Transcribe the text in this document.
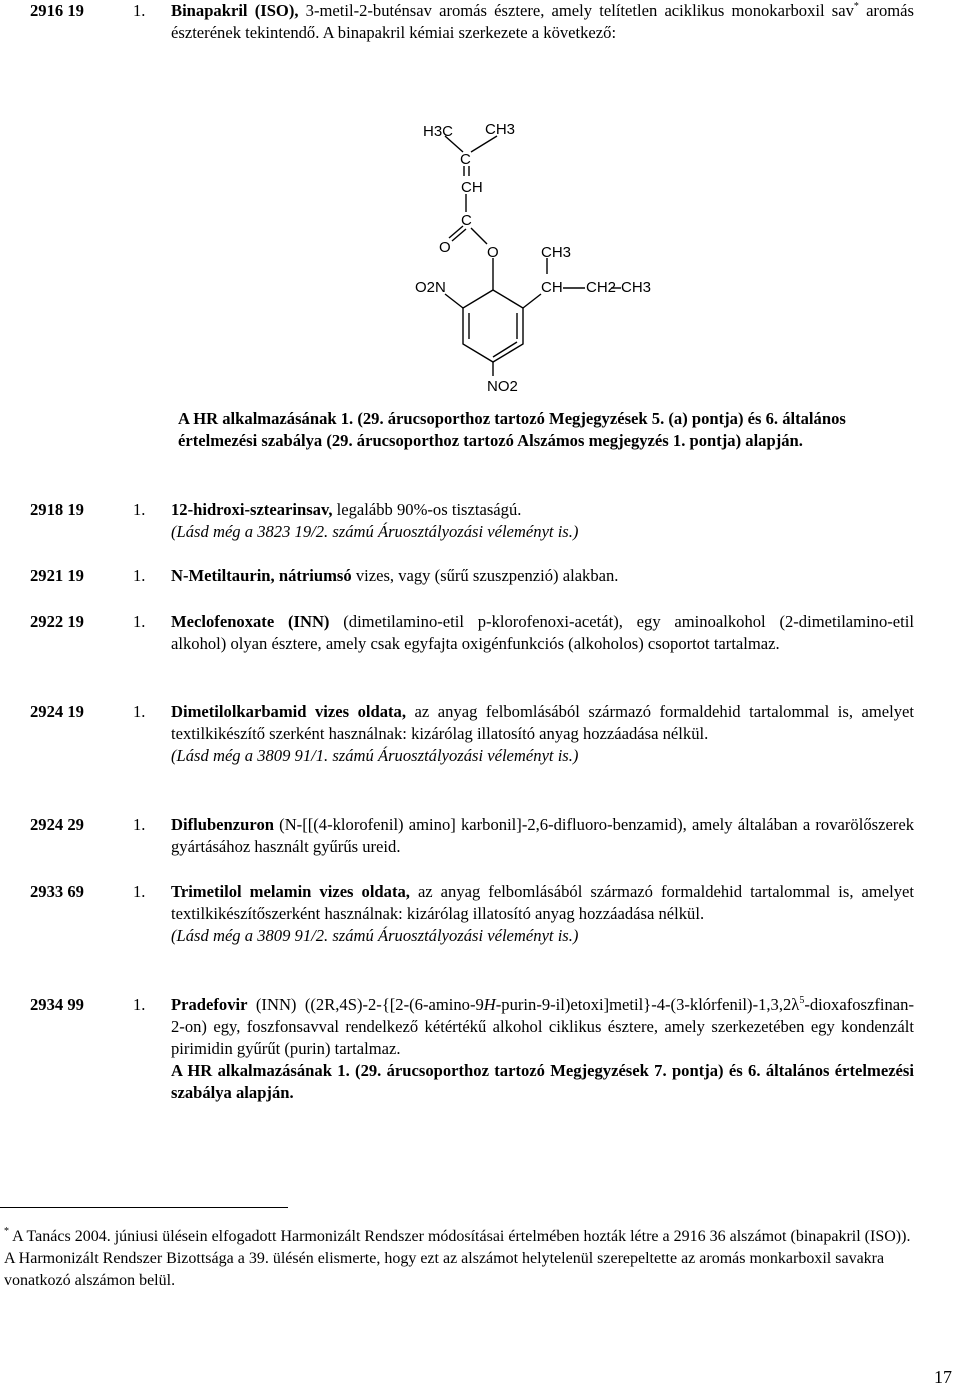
2916 19	1. Binapakril (ISO), 3-metil-2-buténsav aromás észtere, amely telítetlen aciklikus monokarboxil sav* aromás észterének tekintendő. A binapakril kémiai szerkezete a következő:

H3C CH3
C
CH
C
O O
O2N
CH3
CH CH2 CH3
NO2

A HR alkalmazásának 1. (29. árucsoporthoz tartozó Megjegyzések 5. (a) pontja) és 6. általános értelmezési szabálya (29. árucsoporthoz tartozó Alszámos megjegyzés 1. pontja) alapján.

2918 19	1. 12-hidroxi-sztearinsav, legalább 90%-os tisztaságú.

(Lásd még a 3823 19/2. számú Áruosztályozási véleményt is.)

2921 19	1. N-Metiltaurin, nátriumsó vizes, vagy (sűrű szuszpenzió) alakban.

2922 19	1. Meclofenoxate (INN) (dimetilamino-etil p-klorofenoxi-acetát), egy aminoalkohol (2-dimetilamino-etil alkohol) olyan észtere, amely csak egyfajta oxigénfunkciós (alkoholos) csoportot tartalmaz.

2924 19	1. Dimetilolkarbamid vizes oldata, az anyag felbomlásából származó formaldehid tartalommal is, amelyet textilkikészítő szerként használnak: kizárólag illatosító anyag hozzáadása nélkül.

(Lásd még a 3809 91/1. számú Áruosztályozási véleményt is.)

2924 29	1. Diflubenzuron (N-[[(4-klorofenil) amino] karbonil]-2,6-difluoro-benzamid), amely általában a rovarölőszerek gyártásához használt gyűrűs ureid.

2933 69	1. Trimetilol melamin vizes oldata, az anyag felbomlásából származó formaldehid tartalommal is, amelyet textilkikészítőszerként használnak: kizárólag illatosító anyag hozzáadása nélkül.

(Lásd még a 3809 91/2. számú Áruosztályozási véleményt is.)

2934 99	1. Pradefovir (INN) $((2R,4S)-2-\{[2-(6-amino-9H-purin-9-il)etoxi]metil\}-4-(3-klórfenil)-1,3,2\lambda^5-dioxafoszfinan-2-on)$ egy, foszfonsavval rendelkező kétértékű alkohol ciklikus észtere, amely szerkezetében egy kondenzált pirimidin gyűrűt (purin) tartalmaz.

A HR alkalmazásának 1. (29. árucsoporthoz tartozó Megjegyzések 7. pontja) és 6. általános értelmezési szabálya alapján.

* A Tanács 2004. júniusi ülésein elfogadott Harmonizált Rendszer módosításai értelmében hozták létre a 2916 36 alszámot (binapakril (ISO)). A Harmonizált Rendszer Bizottsága a 39. ülésén elismerte, hogy ezt az alszámot helytelenül szerepeltette az aromás monkarboxil savakra vonatkozó alszámon belül.
17
